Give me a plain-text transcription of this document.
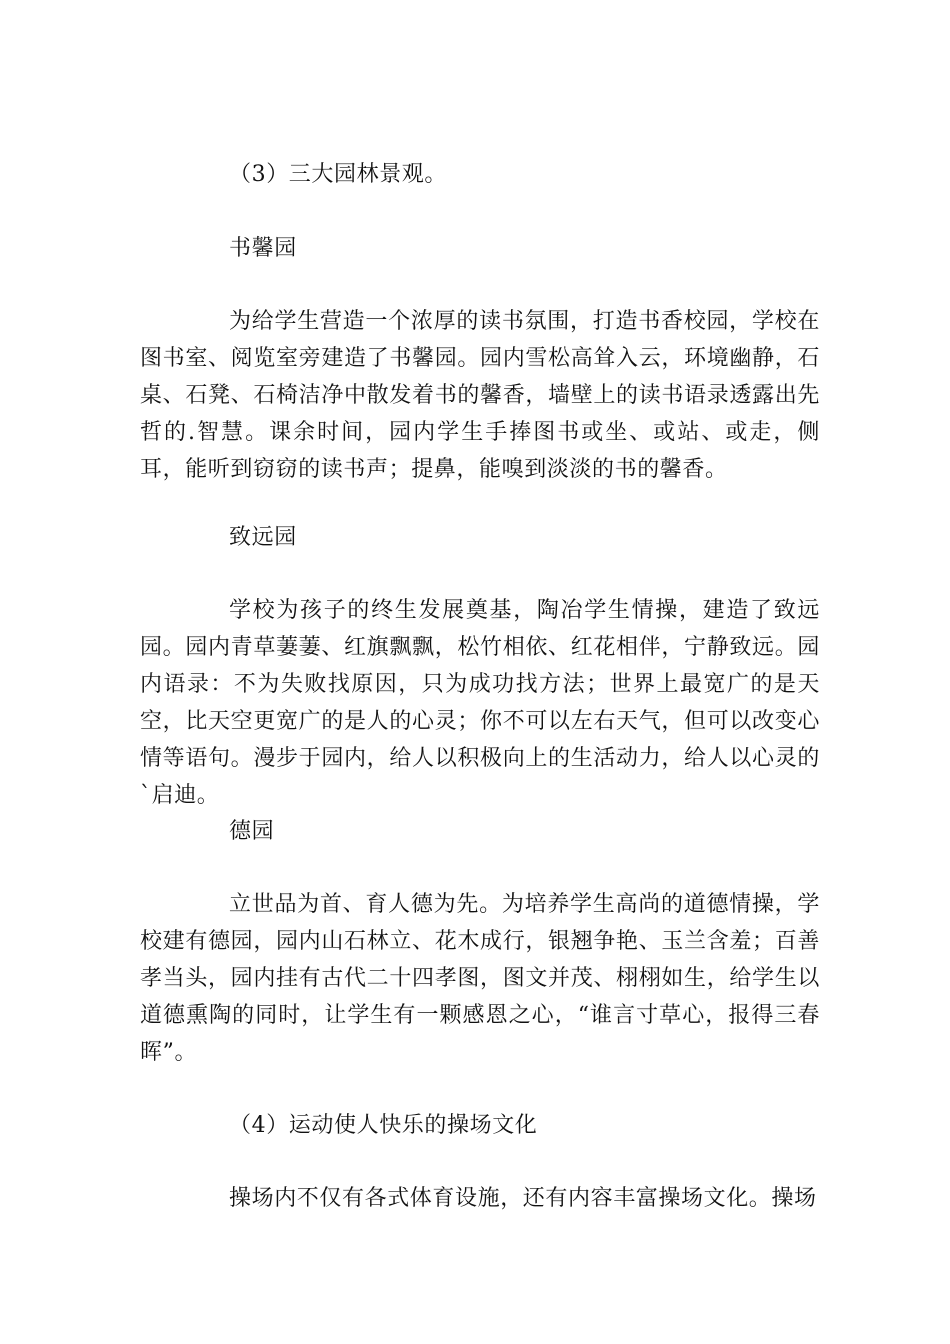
（3）三大园林景观。
书馨园
为给学生营造一个浓厚的读书氛围，打造书香校园，学校在图书室、阅览室旁建造了书馨园。园内雪松高耸入云，环境幽静，石桌、石凳、石椅洁净中散发着书的馨香，墙壁上的读书语录透露出先哲的.智慧。课余时间，园内学生手捧图书或坐、或站、或走，侧耳，能听到窃窃的读书声；提鼻，能嗅到淡淡的书的馨香。
致远园
学校为孩子的终生发展奠基，陶冶学生情操，建造了致远园。园内青草萋萋、红旗飘飘，松竹相依、红花相伴，宁静致远。园内语录：不为失败找原因，只为成功找方法；世界上最宽广的是天空，比天空更宽广的是人的心灵；你不可以左右天气，但可以改变心情等语句。漫步于园内，给人以积极向上的生活动力，给人以心灵的`启迪。
德园
立世品为首、育人德为先。为培养学生高尚的道德情操，学校建有德园，园内山石林立、花木成行，银翘争艳、玉兰含羞；百善孝当头，园内挂有古代二十四孝图，图文并茂、栩栩如生，给学生以道德熏陶的同时，让学生有一颗感恩之心，“谁言寸草心，报得三春晖”。
（4）运动使人快乐的操场文化
操场内不仅有各式体育设施，还有内容丰富操场文化。操场
